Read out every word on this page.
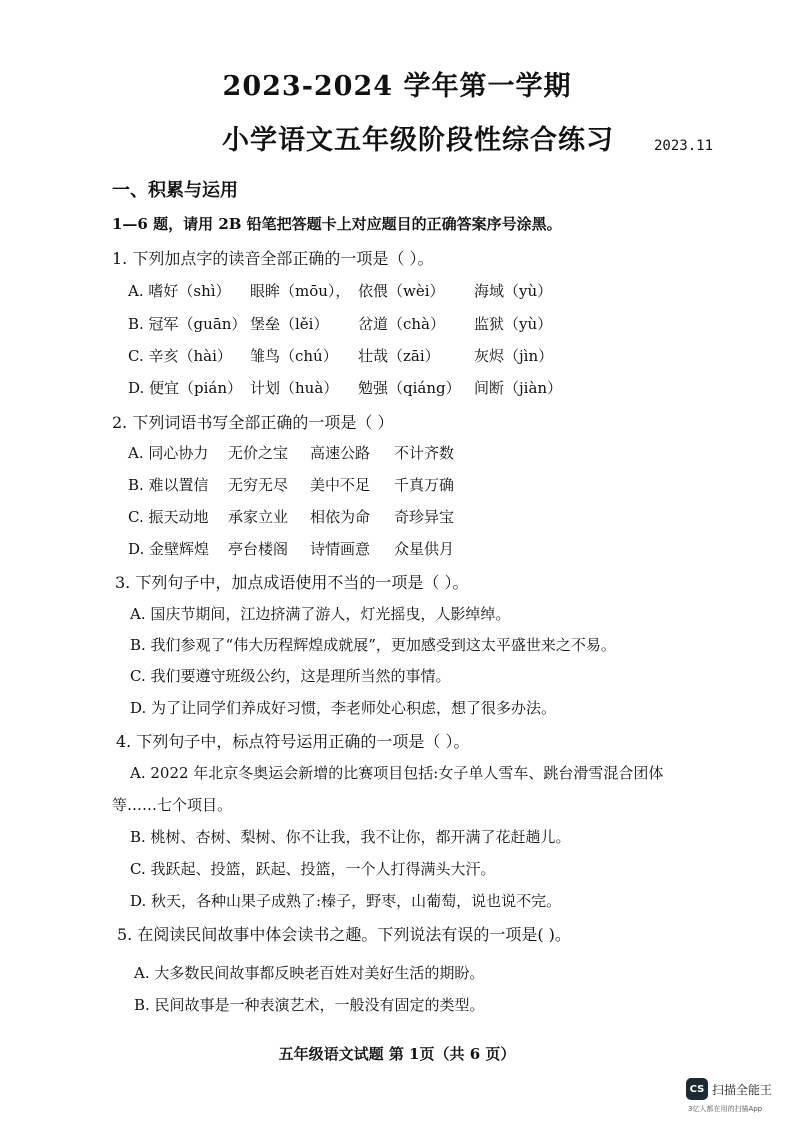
2023-2024 学年第一学期
小学语文五年级阶段性综合练习	2023.11
一、积累与运用
1—6 题，请用 2B 铅笔把答题卡上对应题目的正确答案序号涂黑。
1. 下列加点字的读音全部正确的一项是（ ）。
A. 嗜好（shì） 眼眸（mōu）， 依偎（wèi） 海域（yù）
B. 冠军（guān） 堡垒（lěi） 岔道（chà） 监狱（yù）
C. 辛亥（hài） 雏鸟（chú） 壮哉（zāi） 灰烬（jìn）
D. 便宜（pián） 计划（huà） 勉强（qiáng） 间断（jiàn）
2. 下列词语书写全部正确的一项是（ ）
A. 同心协力 无价之宝 高速公路 不计齐数
B. 难以置信 无穷无尽 美中不足 千真万确
C. 振天动地 承家立业 相依为命 奇珍异宝
D. 金壁辉煌 亭台楼阁 诗情画意 众星供月
3. 下列句子中，加点成语使用不当的一项是（ ）。
A. 国庆节期间，江边挤满了游人，灯光摇曳，人影绰绰。
B. 我们参观了“伟大历程辉煌成就展”，更加感受到这太平盛世来之不易。
C. 我们要遵守班级公约，这是理所当然的事情。
D. 为了让同学们养成好习惯，李老师处心积虑，想了很多办法。
4. 下列句子中，标点符号运用正确的一项是（ ）。
A. 2022 年北京冬奥运会新增的比赛项目包括:女子单人雪车、跳台滑雪混合团体
等……七个项目。
B. 桃树、杏树、梨树、你不让我，我不让你，都开满了花赶趟儿。
C. 我跃起、投篮，跃起、投篮，一个人打得满头大汗。
D. 秋天，各种山果子成熟了:榛子，野枣，山葡萄，说也说不完。
5. 在阅读民间故事中体会读书之趣。下列说法有误的一项是( )。
A. 大多数民间故事都反映老百姓对美好生活的期盼。
B. 民间故事是一种表演艺术，一般没有固定的类型。
五年级语文试题 第 1页（共 6 页）
CS 扫描全能王
3亿人都在用的扫描App
